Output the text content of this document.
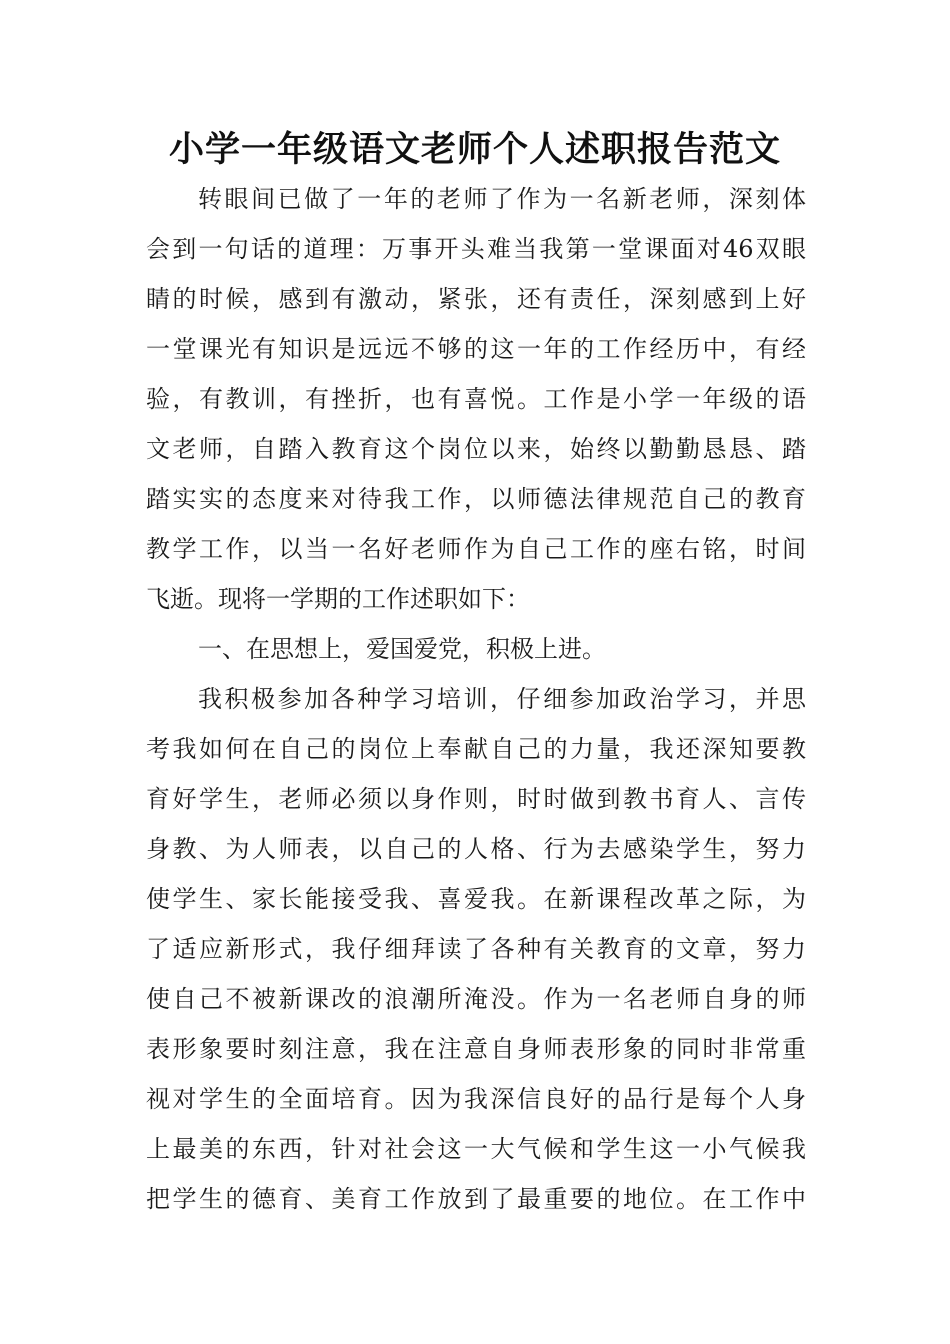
小学一年级语文老师个人述职报告范文

转眼间已做了一年的老师了作为一名新老师，深刻体

会到一句话的道理：万事开头难当我第一堂课面对46双眼

睛的时候，感到有激动，紧张，还有责任，深刻感到上好

一堂课光有知识是远远不够的这一年的工作经历中，有经

验，有教训，有挫折，也有喜悦。工作是小学一年级的语

文老师，自踏入教育这个岗位以来，始终以勤勤恳恳、踏

踏实实的态度来对待我工作，以师德法律规范自己的教育

教学工作，以当一名好老师作为自己工作的座右铭，时间

飞逝。现将一学期的工作述职如下：

一、在思想上，爱国爱党，积极上进。

我积极参加各种学习培训，仔细参加政治学习，并思

考我如何在自己的岗位上奉献自己的力量，我还深知要教

育好学生，老师必须以身作则，时时做到教书育人、言传

身教、为人师表，以自己的人格、行为去感染学生，努力

使学生、家长能接受我、喜爱我。在新课程改革之际，为

了适应新形式，我仔细拜读了各种有关教育的文章，努力

使自己不被新课改的浪潮所淹没。作为一名老师自身的师

表形象要时刻注意，我在注意自身师表形象的同时非常重

视对学生的全面培育。因为我深信良好的品行是每个人身

上最美的东西，针对社会这一大气候和学生这一小气候我

把学生的德育、美育工作放到了最重要的地位。在工作中
